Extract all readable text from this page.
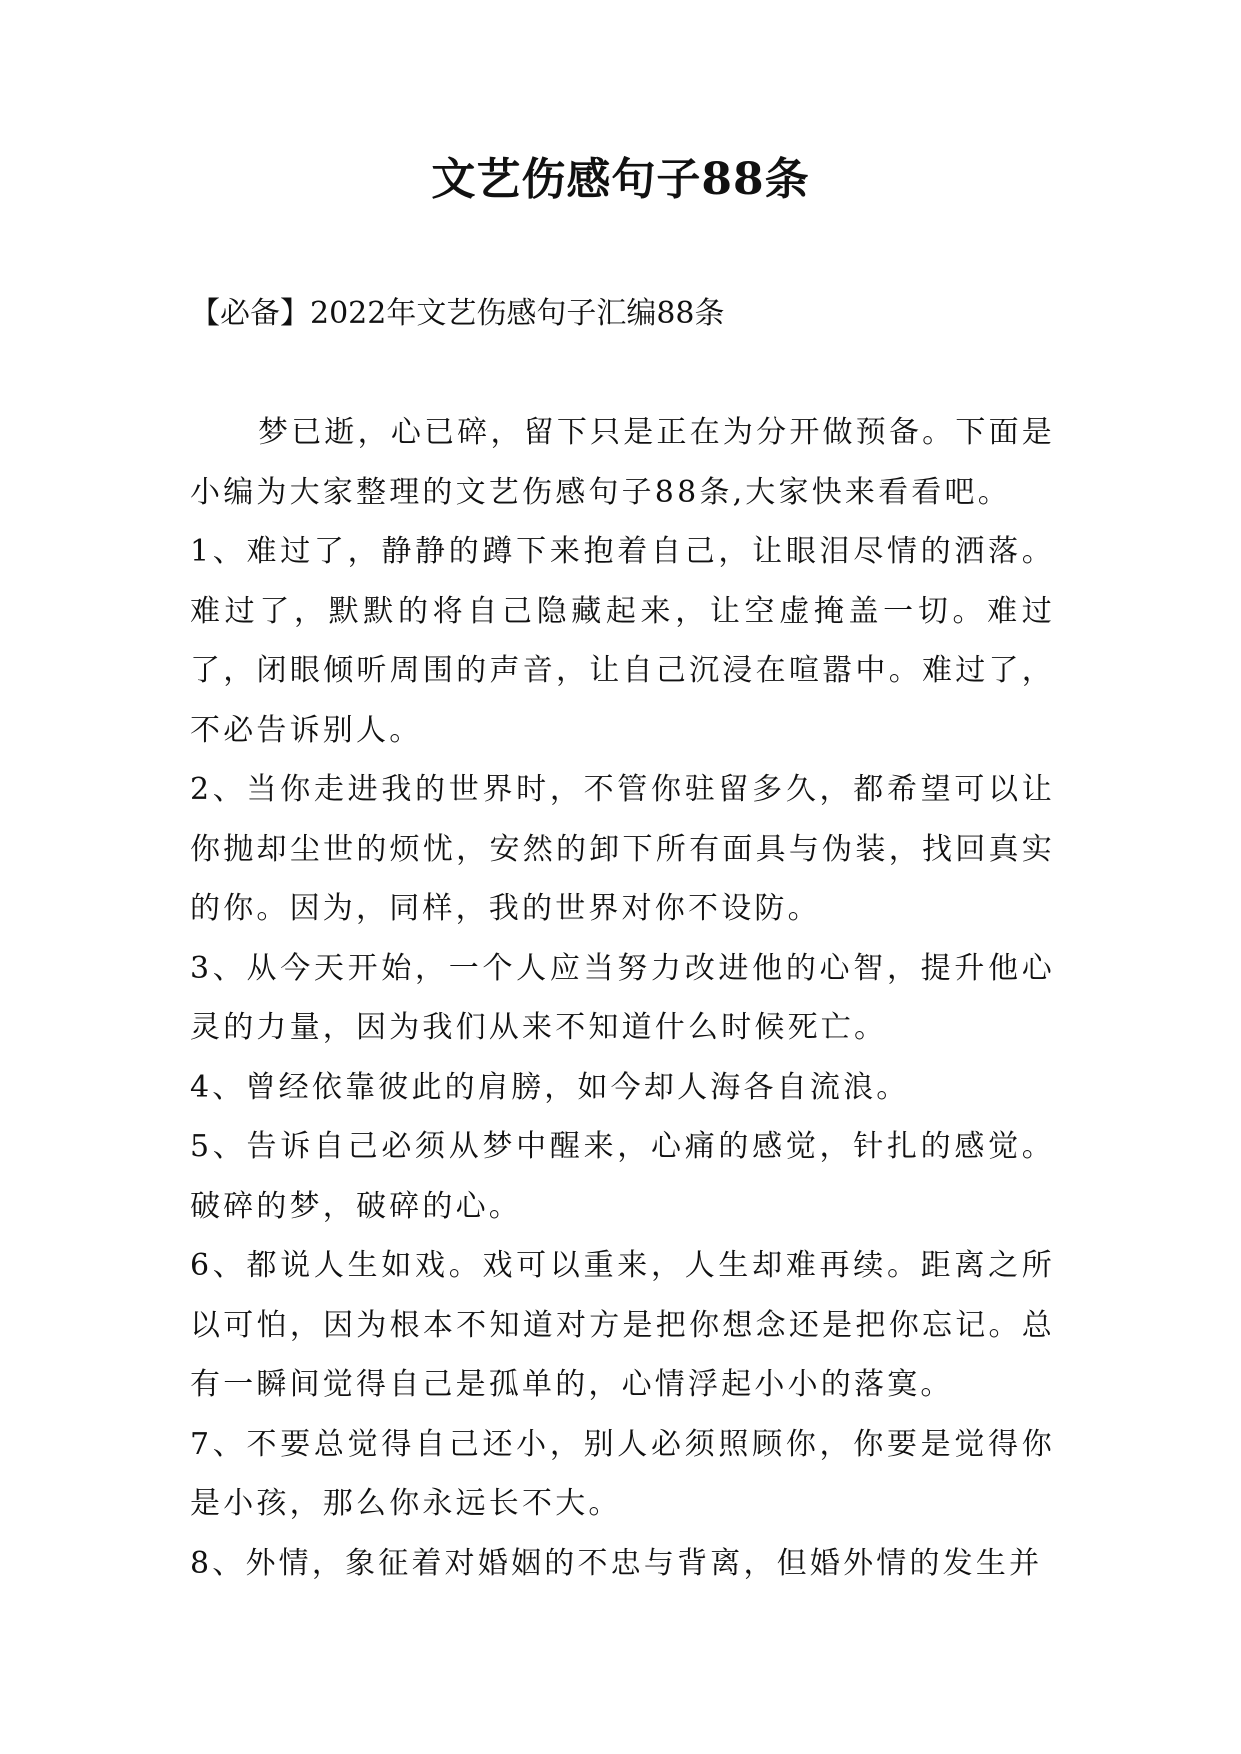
文艺伤感句子88条

【必备】2022年文艺伤感句子汇编88条

梦已逝，心已碎，留下只是正在为分开做预备。下面是小编为大家整理的文艺伤感句子88条,大家快来看看吧。

1、难过了，静静的蹲下来抱着自己，让眼泪尽情的洒落。难过了，默默的将自己隐藏起来，让空虚掩盖一切。难过了，闭眼倾听周围的声音，让自己沉浸在喧嚣中。难过了，不必告诉别人。

2、当你走进我的世界时，不管你驻留多久，都希望可以让你抛却尘世的烦忧，安然的卸下所有面具与伪装，找回真实的你。因为，同样，我的世界对你不设防。

3、从今天开始，一个人应当努力改进他的心智，提升他心灵的力量，因为我们从来不知道什么时候死亡。

4、曾经依靠彼此的肩膀，如今却人海各自流浪。

5、告诉自己必须从梦中醒来，心痛的感觉，针扎的感觉。破碎的梦，破碎的心。

6、都说人生如戏。戏可以重来，人生却难再续。距离之所以可怕，因为根本不知道对方是把你想念还是把你忘记。总有一瞬间觉得自己是孤单的，心情浮起小小的落寞。

7、不要总觉得自己还小，别人必须照顾你，你要是觉得你是小孩，那么你永远长不大。

8、外情，象征着对婚姻的不忠与背离，但婚外情的发生并
